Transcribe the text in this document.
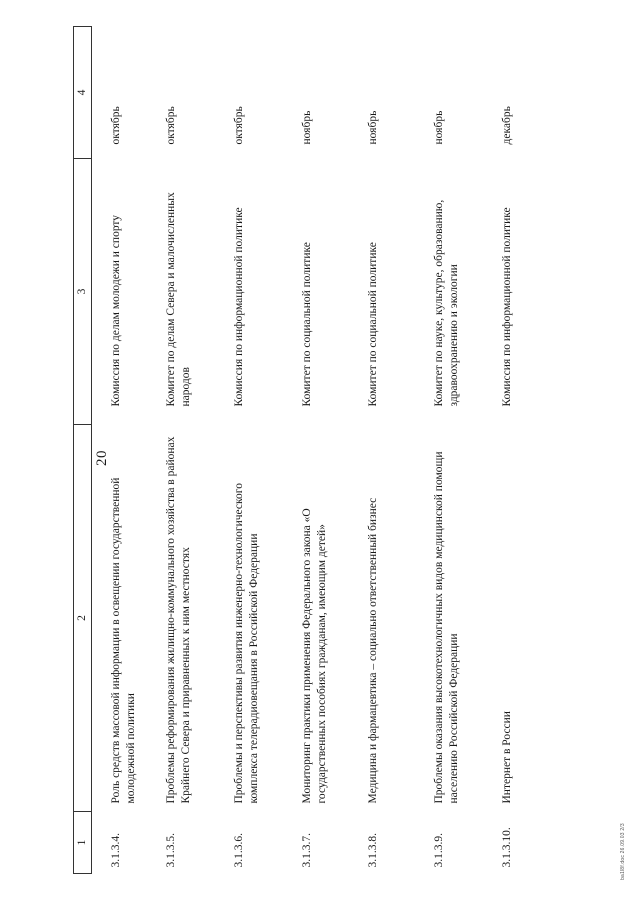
20
1	2	3	4
3.1.3.4.	Роль средств массовой информации в освещении государственной молодежной политики	Комиссия по делам молодежи и спорту	октябрь
3.1.3.5.	Проблемы реформирования жилищно-коммунального хозяйства в районах Крайнего Севера и приравненных к ним местностях	Комитет по делам Севера и малочисленных народов	октябрь
3.1.3.6.	Проблемы и перспективы развития инженерно-технологического комплекса телерадиовещания в Российской Федерации	Комиссия по информационной политике	октябрь
3.1.3.7.	Мониторинг практики применения Федерального закона «О государственных пособиях гражданам, имеющим детей»	Комитет по социальной политике	ноябрь
3.1.3.8.	Медицина и фармацевтика – социально ответственный бизнес	Комитет по социальной политике	ноябрь
3.1.3.9.	Проблемы оказания высокотехнологичных видов медицинской помощи населению Российской Федерации	Комитет по науке, культуре, образованию, здравоохранению и экологии	ноябрь
3.1.3.10.	Интернет в России	Комиссия по информационной политике	декабрь
ba1l8f.doc 26.09.03 2/3
